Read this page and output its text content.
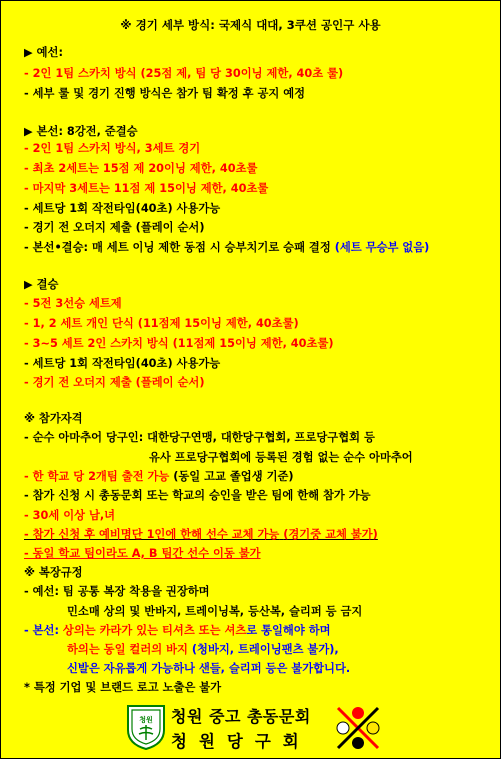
※ 경기 세부 방식: 국제식 대대, 3쿠션 공인구 사용
▶ 예선:
- 2인 1팀 스카치 방식 (25점 제, 팀 당 30이닝 제한, 40초 룰)
- 세부 룰 및 경기 진행 방식은 참가 팀 확정 후 공지 예정
▶ 본선: 8강전, 준결승
- 2인 1팀 스카치 방식, 3세트 경기
- 최초 2세트는 15점 제 20이닝 제한, 40초룰
- 마지막 3세트는 11점 제 15이닝 제한, 40초룰
- 세트당 1회 작전타임(40초) 사용가능
- 경기 전 오더지 제출 (플레이 순서)
- 본선•결승: 매 세트 이닝 제한 동점 시 승부치기로 승패 결정 (세트 무승부 없음)
▶ 결승
- 5전 3선승 세트제
- 1, 2 세트 개인 단식 (11점제 15이닝 제한, 40초룰)
- 3~5 세트 2인 스카치 방식 (11점제 15이닝 제한, 40초룰)
- 세트당 1회 작전타임(40초) 사용가능
- 경기 전 오더지 제출 (플레이 순서)
※ 참가자격
- 순수 아마추어 당구인: 대한당구연맹, 대한당구협회, 프로당구협회 등
유사 프로당구협회에 등록된 경험 없는 순수 아마추어
- 한 학교 당 2개팀 출전 가능 (동일 고교 졸업생 기준)
- 참가 신청 시 총동문회 또는 학교의 승인을 받은 팀에 한해 참가 가능
- 30세 이상 남,녀
- 참가 신청 후 예비명단 1인에 한해 선수 교체 가능 (경기중 교체 불가)
- 동일 학교 팀이라도 A, B 팀간 선수 이동 불가
※ 복장규정
- 예선: 팀 공통 복장 착용을 권장하며
민소매 상의 및 반바지, 트레이닝복, 등산복, 슬리퍼 등 금지
- 본선: 상의는 카라가 있는 티셔츠 또는 셔츠로 통일해야 하며
하의는 동일 컬러의 바지 (청바지, 트레이닝팬츠 불가),
신발은 자유롭게 가능하나 샌들, 슬리퍼 등은 불가합니다.
* 특정 기업 및 브랜드 로고 노출은 불가
청원 청원 중고 총동문회
청원당구회
